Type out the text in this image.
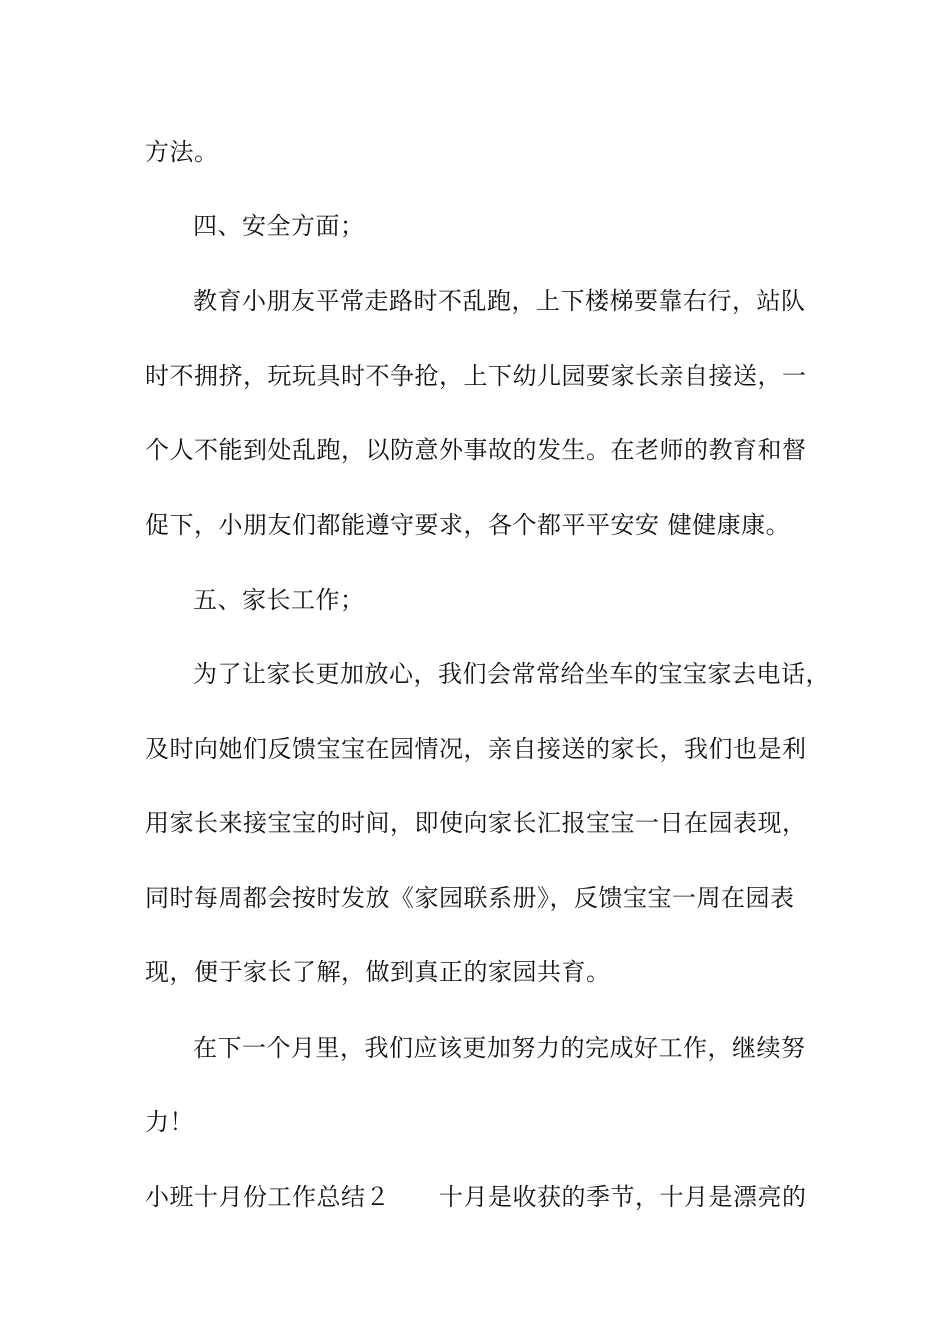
方法。
四、安全方面；
教育小朋友平常走路时不乱跑，上下楼梯要靠右行，站队
时不拥挤，玩玩具时不争抢，上下幼儿园要家长亲自接送，一
个人不能到处乱跑，以防意外事故的发生。在老师的教育和督
促下，小朋友们都能遵守要求，各个都平平安安 健健康康。
五、家长工作；
为了让家长更加放心，我们会常常给坐车的宝宝家去电话，
及时向她们反馈宝宝在园情况，亲自接送的家长，我们也是利
用家长来接宝宝的时间，即使向家长汇报宝宝一日在园表现，
同时每周都会按时发放《家园联系册》，反馈宝宝一周在园表
现，便于家长了解，做到真正的家园共育。
在下一个月里，我们应该更加努力的完成好工作，继续努
力！
小班十月份工作总结２　　十月是收获的季节，十月是漂亮的
